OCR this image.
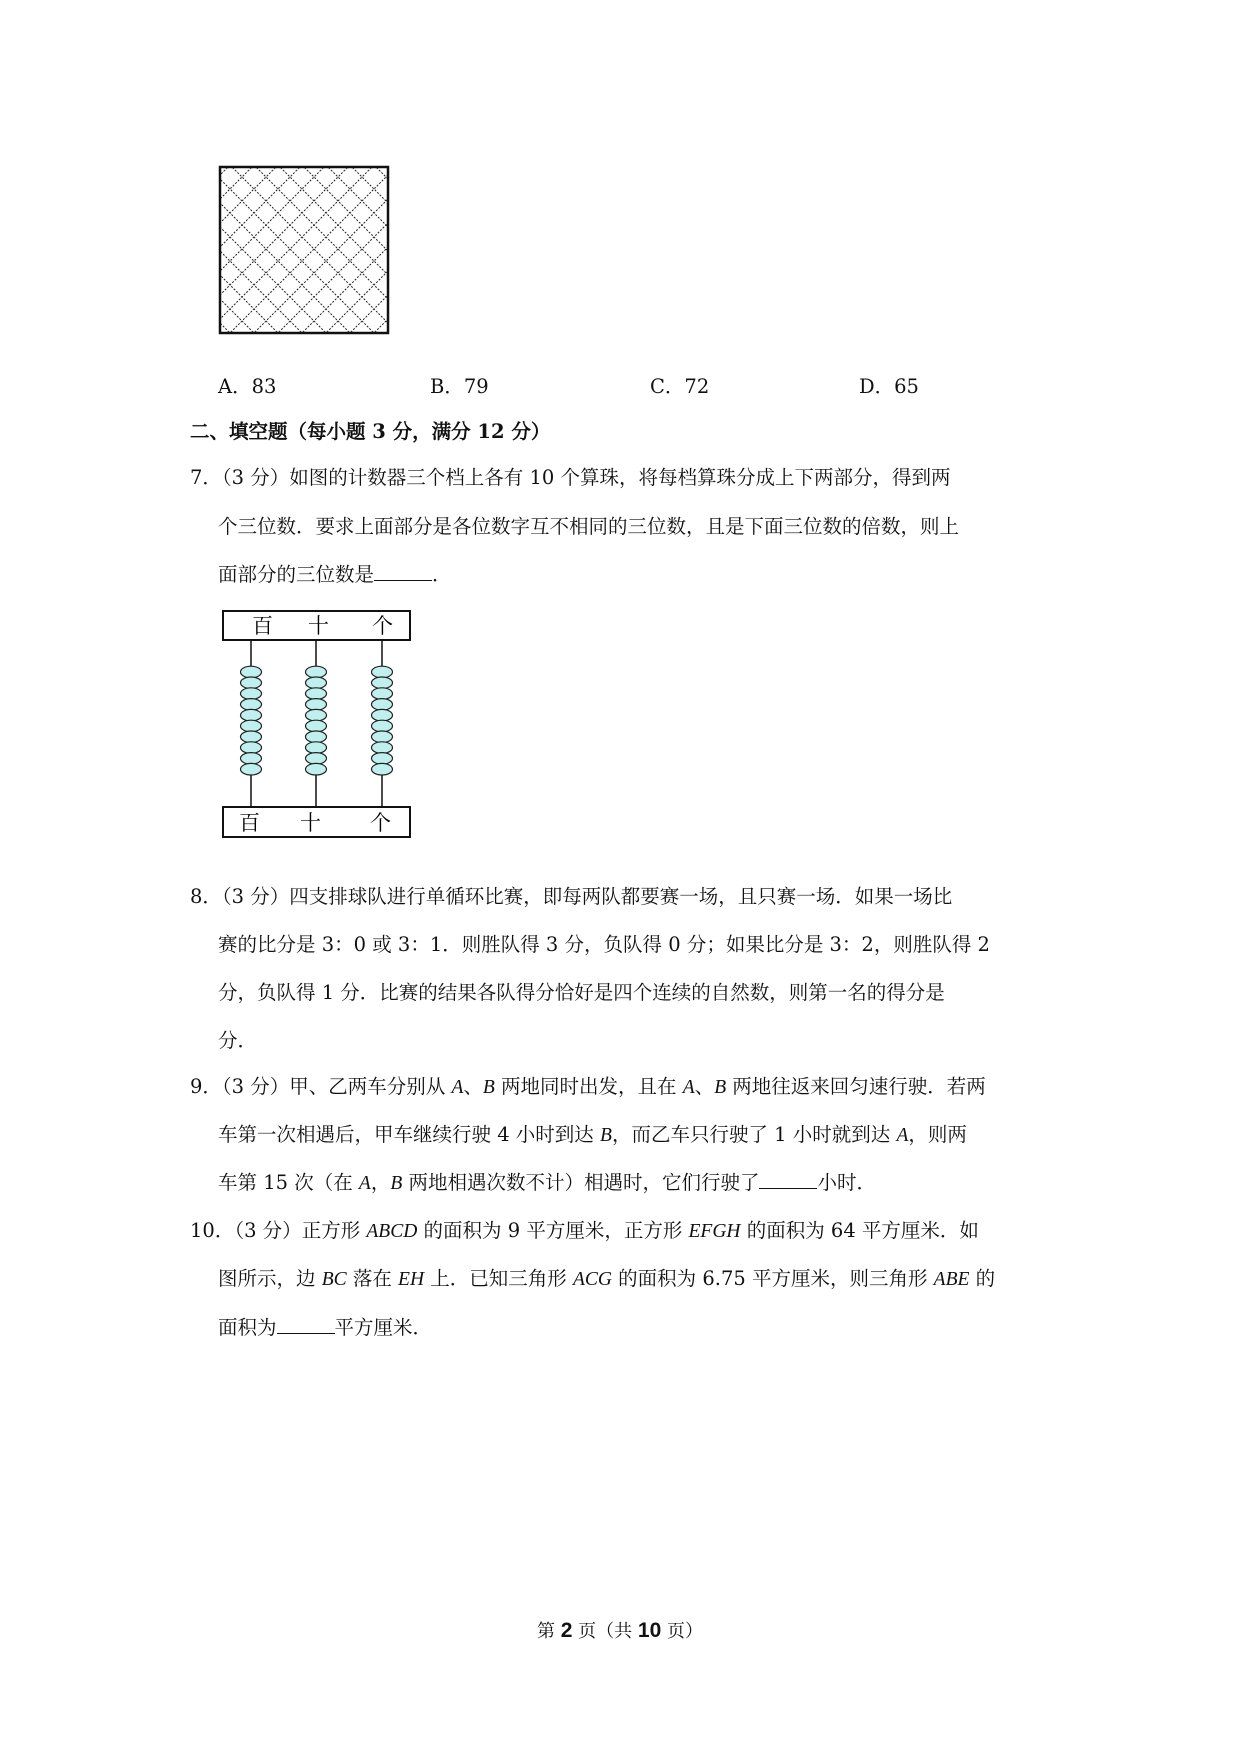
A．83	B．79	C．72	D．65
二、填空题（每小题 3 分，满分 12 分）
7．（3 分）如图的计数器三个档上各有 10 个算珠，将每档算珠分成上下两部分，得到两
个三位数．要求上面部分是各位数字互不相同的三位数，且是下面三位数的倍数，则上
面部分的三位数是	．
百 十 个
百 十 个
8．（3 分）四支排球队进行单循环比赛，即每两队都要赛一场，且只赛一场．如果一场比
赛的比分是 3：0 或 3：1．则胜队得 3 分，负队得 0 分；如果比分是 3：2，则胜队得 2
分，负队得 1 分．比赛的结果各队得分恰好是四个连续的自然数，则第一名的得分是
分．
9．（3 分）甲、乙两车分别从 A、B 两地同时出发，且在 A、B 两地往返来回匀速行驶．若两
车第一次相遇后，甲车继续行驶 4 小时到达 B，而乙车只行驶了 1 小时就到达 A，则两
车第 15 次（在 A，B 两地相遇次数不计）相遇时，它们行驶了	小时．
10．（3 分）正方形 ABCD 的面积为 9 平方厘米，正方形 EFGH 的面积为 64 平方厘米．如
图所示，边 BC 落在 EH 上．已知三角形 ACG 的面积为 6.75 平方厘米，则三角形 ABE 的
面积为	平方厘米．
第 2 页（共 10 页）
